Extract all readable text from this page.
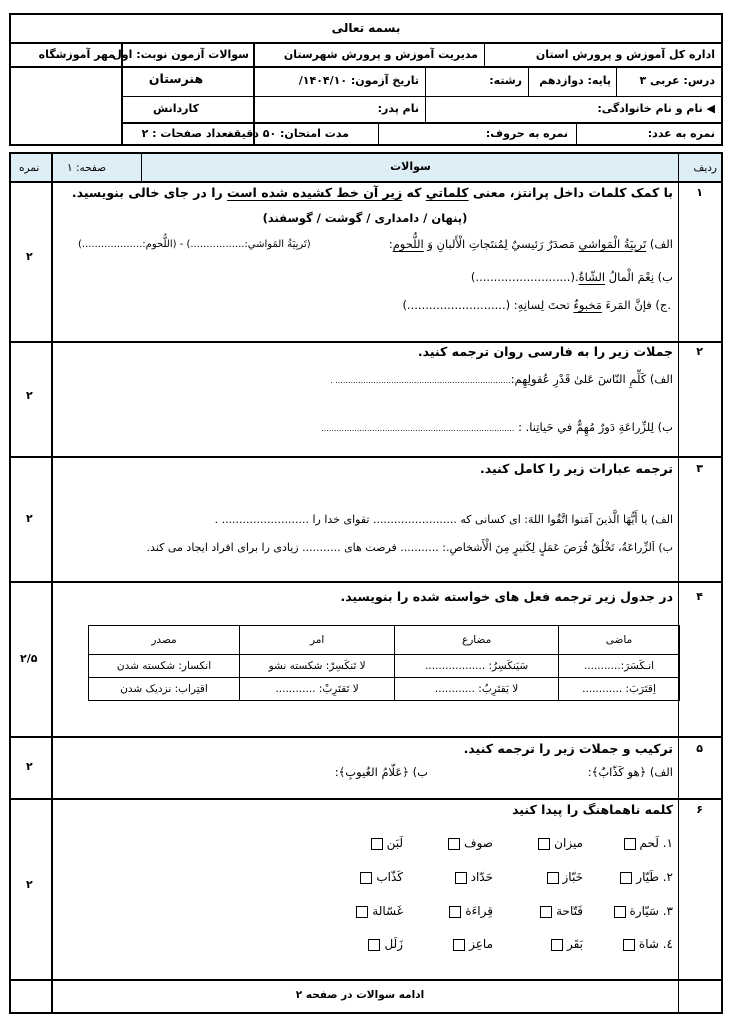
بسمه تعالی
اداره کل آموزش و پرورش استان
مدیریت آموزش و پرورش شهرستان
سوالات آزمون نوبت: اول
مهر آموزشگاه
درس: عربی ۳
پایه: دوازدهم
رشته:
تاریخ آزمون: ۱۴۰۴/۱۰/
هنرستان
◀ نام و نام خانوادگی:
نام پدر:
کاردانش
نمره به عدد:
نمره به حروف:
مدت امتحان: ۵۰ دقیقه
تعداد صفحات : ۲
ردیف
سوالات
صفحه: ۱
نمره
۱
۲
با کمک کلمات داخل پرانتز، معنی کلماتي که زیر آن خط کشیده شده است را در جای خالی بنویسید.
(پنهان / دامداری / گوشت / گوسفند)
الف) تَربِيَةُ الْمَواشي مَصدَرٌ رَئيسيٌ لِمُنتَجاتِ الْأَلبانِ وَ اللُّحوم:
(تَربِيَةُ المَواشي:.................) - (اللُّحوم:...................)
ب) نِعْمَ الْمالُ الشّاةُ.(..........................)
.ج) فإنَّ المَرءَ مَخبوءٌ تحتَ لِسانِهِ: (...........................)
۲
۲
جملات زیر را به فارسی روان ترجمه کنید.
الف) كَلِّمِ النّاسَ عَلىٰ قَدْرِ عُقولِهِم:..................................................................... .
ب) لِلزِّراعَةِ دَورٌ مُهِمٌّ في حَياتِنا. : ............................................................................
۳
۲
ترجمه عبارات زیر را کامل کنید.
الف) يا أَيُّهَا الَّذينَ آمَنوا اتَّقُوا اللهَ: ای کسانی که ........................ تقوای خدا را ......................... .
ب) اَلزِّراعَةُ، تَخْلُقُ فُرَصَ عَمَلٍ لِكَثيرٍ مِنَ الْأَشخاصِ.: ........... فرصت های ........... زیادی را برای افراد ایجاد می کند.
۴
۲/۵
در جدول زیر ترجمه فعل های خواسته شده را بنویسید.
ماضی	مضارع	امر	مصدر
انـكَسَرَ:...........	سَيَنكَسِرُ: ..................	لا تَنكَسِرْ: شکسته نشو	انکسار: شکسته شدن
اِقتَرَبَ: ............	لا يَقتَرِبُ: ............	لا تَقتَرِبْ: ............	اقتِراب: نزدیک شدن
۵
۲
ترکیب و جملات زیر را ترجمه کنید.
الف) ﴿هو كَذّابٌ﴾:
ب) ﴿عَلّامُ الغُيوبِ﴾:
۶
۲
کلمه ناهماهنگ را پیدا کنید
۱. لَحم
میزان
صوف
لَبَن
۲. طَيّار
خَبّاز
حَدّاد
كَذّاب
۳. سَيّارة
فَتّاحة
قِراءَة
غَسّالة
٤. شاة
بَقَر
ماعِز
زَلَل
ادامه سوالات در صفحه ۲
